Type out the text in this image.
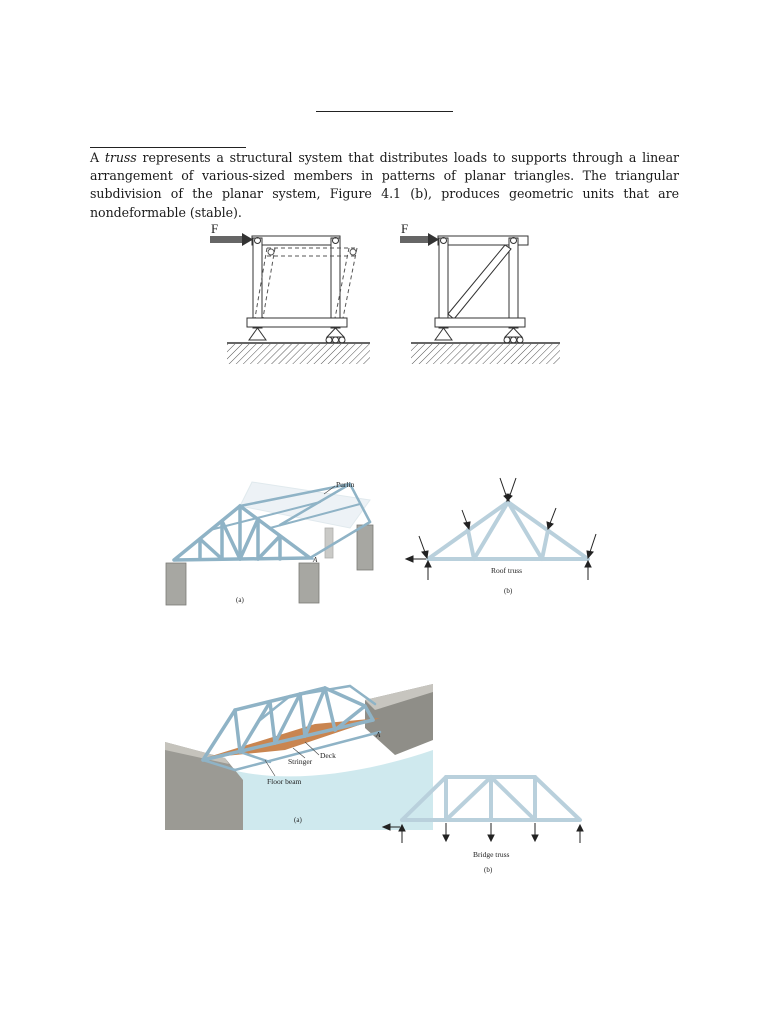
A truss represents a structural system that distributes loads to supports through a linear arrangement of various-sized members in patterns of planar triangles. The triangular subdivision of the planar system, Figure 4.1 (b), produces geometric units that are nondeformable (stable).

F	F
Purlin
A
(a)
Roof truss
(b)
Deck
Stringer
Floor beam
A
(a)
Bridge truss
(b)
